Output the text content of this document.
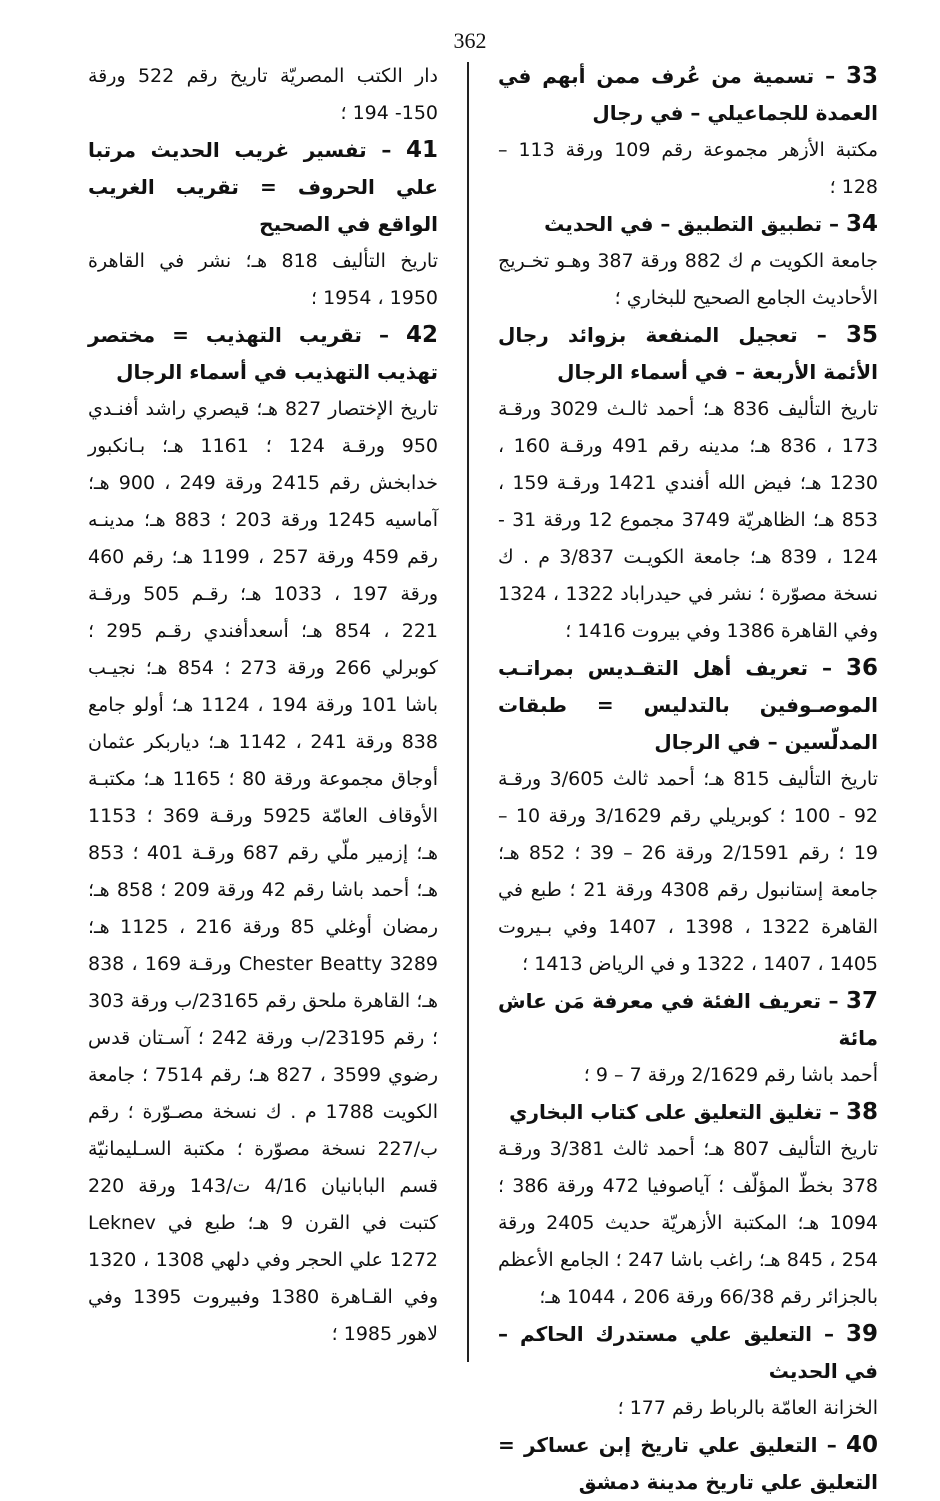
362
33 – تسمية من عُرف ممن أبهم في العمدة للجماعيلي – في رجال
مكتبة الأزهر مجموعة رقم 109 ورقة 113 – 128 ؛
34 – تطبيق التطبيق – في الحديث
جامعة الكويت م ك 882 ورقة 387 وهـو تخـريج الأحاديث الجامع الصحيح للبخاري ؛
35 – تعجيل المنفعة بزوائد رجال الأئمة الأربعة – في أسماء الرجال
تاريخ التأليف 836 هـ؛ أحمد ثالـث 3029 ورقـة 173 ، 836 هـ؛ مدينه رقم 491 ورقـة 160 ، 1230 هـ؛ فيض الله أفندي 1421 ورقـة 159 ، 853 هـ؛ الظاهريّة 3749 مجموع 12 ورقة 31 - 124 ، 839 هـ؛ جامعة الكويـت 3/837 م . ك نسخة مصوّرة ؛ نشر في حيدراباد 1322 ، 1324 وفي القاهرة 1386 وفي بيروت 1416 ؛
36 – تعريف أهل التقـديس بمراتـب الموصـوفين بالتدليس = طبقات المدلّسين – في الرجال
تاريخ التأليف 815 هـ؛ أحمد ثالث 3/605 ورقـة 92 - 100 ؛ كوبريلي رقم 3/1629 ورقة 10 – 19 ؛ رقم 2/1591 ورقة 26 – 39 ؛ 852 هـ؛ جامعة إستانبول رقم 4308 ورقة 21 ؛ طبع في القاهرة 1322 ، 1398 ، 1407 وفي بـيروت 1405 ، 1407 ، 1322 و في الرياض 1413 ؛
37 – تعريف الفئة في معرفة مَن عاش مائة
أحمد باشا رقم 2/1629 ورقة 7 – 9 ؛
38 – تغليق التعليق على كتاب البخاري
تاريخ التأليف 807 هـ؛ أحمد ثالث 3/381 ورقـة 378 بخطّ المؤلّف ؛ آياصوفيا 472 ورقة 386 ؛ 1094 هـ؛ المكتبة الأزهريّة حديث 2405 ورقة 254 ، 845 هـ؛ راغب باشا 247 ؛ الجامع الأعظم بالجزائر رقم 66/38 ورقة 206 ، 1044 هـ؛
39 – التعليق علي مستدرك الحاكم – في الحديث
الخزانة العامّة بالرباط رقم 177 ؛
40 – التعليق علي تاريخ إبن عساكر = التعليق علي تاريخ مدينة دمشق
دار الكتب المصريّة تاريخ رقم 522 ورقة 150- 194 ؛
41 – تفسير غريب الحديث مرتبا علي الحروف = تقريب الغريب الواقع في الصحيح
تاريخ التأليف 818 هـ؛ نشر في القاهرة 1950 ، 1954 ؛
42 – تقريب التهذيب = مختصر تهذيب التهذيب في أسماء الرجال
تاريخ الإختصار 827 هـ؛ قيصري راشد أفنـدي 950 ورقـة 124 ؛ 1161 هـ؛ بـانكبور خدابخش رقم 2415 ورقة 249 ، 900 هـ؛ آماسيه 1245 ورقة 203 ؛ 883 هـ؛ مدينـه رقم 459 ورقة 257 ، 1199 هـ؛ رقم 460 ورقة 197 ، 1033 هـ؛ رقـم 505 ورقـة 221 ، 854 هـ؛ أسعدأفندي رقـم 295 ؛ كوبرلي 266 ورقة 273 ؛ 854 هـ؛ نجيـب باشا 101 ورقة 194 ، 1124 هـ؛ أولو جامع 838 ورقة 241 ، 1142 هـ؛ دياربكر عثمان أوجاق مجموعة ورقة 80 ؛ 1165 هـ؛ مكتبـة الأوقاف العامّة 5925 ورقـة 369 ؛ 1153 هـ؛ إزمير ملّي رقم 687 ورقـة 401 ؛ 853 هـ؛ أحمد باشا رقم 42 ورقة 209 ؛ 858 هـ؛ رمضان أوغلي 85 ورقة 216 ، 1125 هـ؛ Chester Beatty 3289 ورقـة 169 ، 838 هـ؛ القاهرة ملحق رقم 23165/ب ورقة 303 ؛ رقم 23195/ب ورقة 242 ؛ آسـتان قدس رضوي 3599 ، 827 هـ؛ رقم 7514 ؛ جامعة الكويت 1788 م . ك نسخة مصـوّرة ؛ رقم ب/227 نسخة مصوّرة ؛ مكتبة السـليمانيّة قسم البابانيان 4/16 ت/143 ورقة 220 كتبت في القرن 9 هـ؛ طبع في Leknev 1272 علي الحجر وفي دلهي 1308 ، 1320 وفي القـاهرة 1380 وفبيروت 1395 وفي لاهور 1985 ؛
